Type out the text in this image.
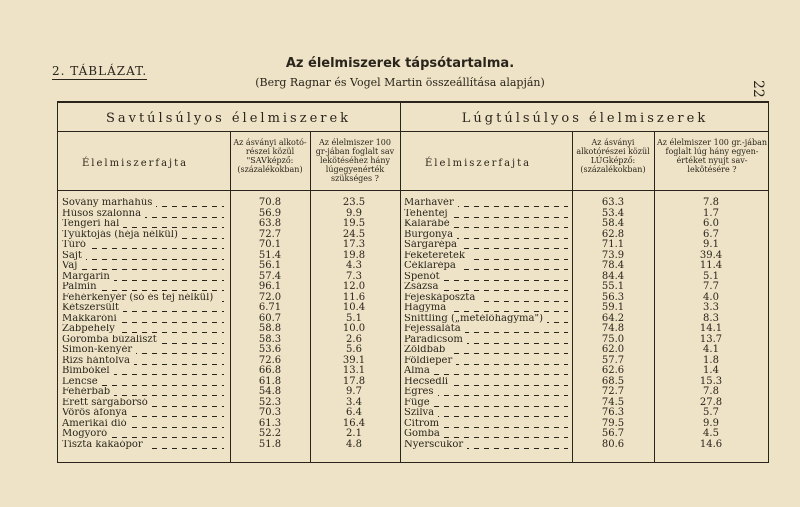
2. TÁBLÁZAT.	Az élelmiszerek tápsótartalma.
(Berg Ragnar és Vogel Martin összeállítása alapján)	22
Savtúlsúlyos élelmiszerek	Lúgtúlsúlyos élelmiszerek
Élelmiszerfajta
Az ásványi alkotó- részei közül "SAVképző: (százalékokban)
Az élelmiszer 100 gr-jában foglalt sav lekötéséhez hány lúgegyenérték szükséges ?
Élelmiszerfajta
Az ásványi alkotórészei közül LÚGképző: (százalékokban)
Az élelmiszer 100 gr.-jában foglalt lúg hány egyen- értéket nyujt sav- lekötésére ?
Sovány marhahús	70.8	23.5
Húsos szalonna	56.9	9.9
Tengeri hal	63.8	19.5
Tyúktojás (héja nélkül)	72.7	24.5
Túró	70.1	17.3
Sajt	51.4	19.8
Vaj	56.1	4.3
Margarin	57.4	7.3
Palmin	96.1	12.0
Fehérkenyér (só és tej nélkül)	72.0	11.6
Kétszersült	6.71	10.4
Makkaróni	60.7	5.1
Zabpehely	58.8	10.0
Goromba búzaliszt	58.3	2.6
Simon-kenyér	53.6	5.6
Rizs hántolva	72.6	39.1
Bimbókel	66.8	13.1
Lencse	61.8	17.8
Fehérbab	54.8	9.7
Érett sárgaborsó	52.3	3.4
Vörös áfonya	70.3	6.4
Amerikai dió	61.3	16.4
Mogyoró	52.2	2.1
Tiszta kakaópor	51.8	4.8
Marhavér	63.3	7.8
Tehéntej	53.4	1.7
Kalarábé	58.4	6.0
Burgonya	62.8	6.7
Sárgarépa	71.1	9.1
Feketeretek	73.9	39.4
Céklarépa	78.4	11.4
Spenót	84.4	5.1
Zsázsa	55.1	7.7
Fejeskáposzta	56.3	4.0
Hagyma	59.1	3.3
Snittling („metélőhagyma")	64.2	8.3
Fejessaláta	74.8	14.1
Paradicsom	75.0	13.7
Zöldbab	62.0	4.1
Földieper	57.7	1.8
Alma	62.6	1.4
Hecsedli	68.5	15.3
Egres	72.7	7.8
Füge	74.5	27.8
Szilva	76.3	5.7
Citrom	79.5	9.9
Gomba	56.7	4.5
Nyerscukor	80.6	14.6
